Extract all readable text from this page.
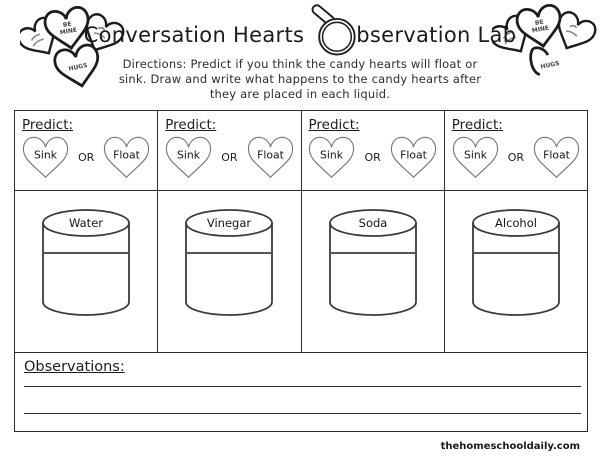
BE
MINE
HUGS
BE
MINE
HUGS
Conversation Hearts bservation Lab
Directions: Predict if you think the candy hearts will float or
sink. Draw and write what happens to the candy hearts after
they are placed in each liquid.
Predict:
Sink OR Float
Water
Predict:
Sink OR Float
Vinegar
Predict:
Sink OR Float
Soda
Predict:
Sink OR Float
Alcohol
Observations:
thehomeschooldaily.com
